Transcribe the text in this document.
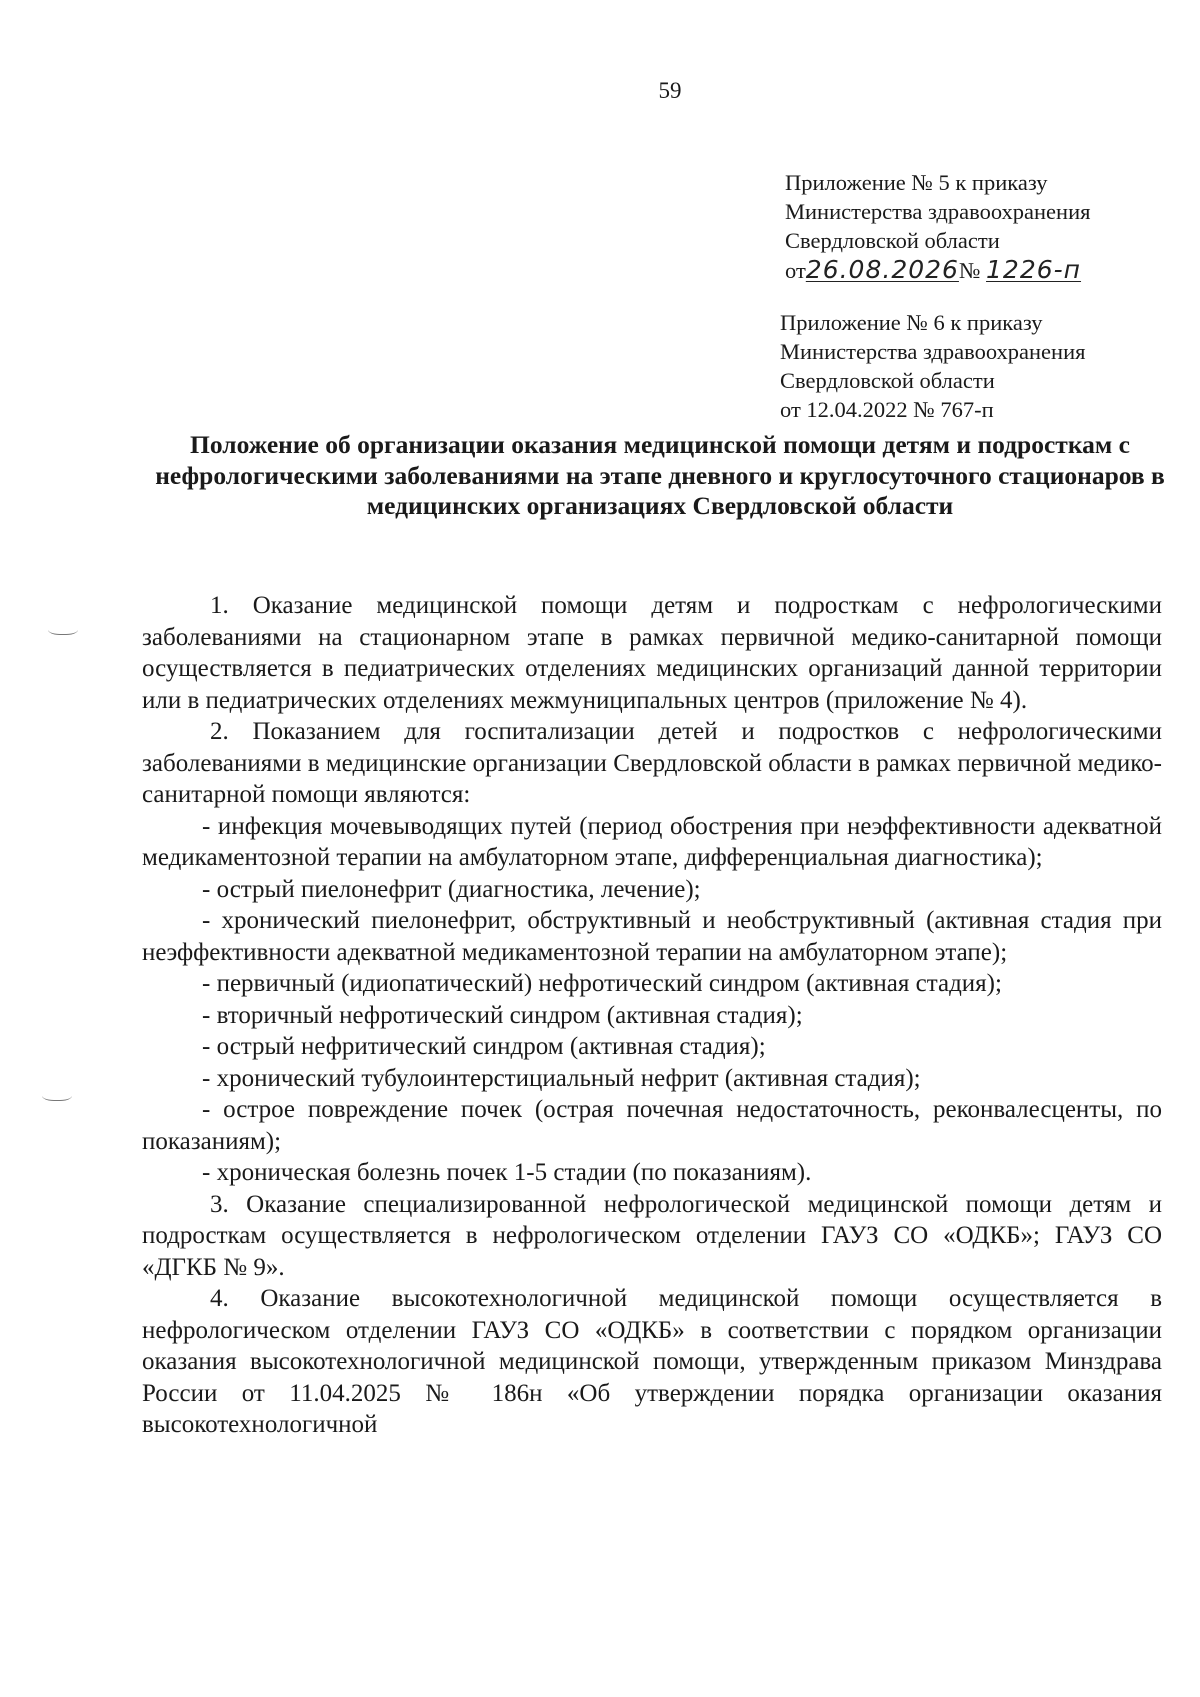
59
Приложение № 5 к приказу
Министерства здравоохранения
Свердловской области
от26.08.2026№ 1226-п
Приложение № 6 к приказу
Министерства здравоохранения
Свердловской области
от 12.04.2022 № 767-п
Положение об организации оказания медицинской помощи детям и подросткам с нефрологическими заболеваниями на этапе дневного и круглосуточного стационаров в медицинских организациях Свердловской области

1. Оказание медицинской помощи детям и подросткам с нефрологическими заболеваниями на стационарном этапе в рамках первичной медико-санитарной помощи осуществляется в педиатрических отделениях медицинских организаций данной территории или в педиатрических отделениях межмуниципальных центров (приложение № 4).

2. Показанием для госпитализации детей и подростков с нефрологическими заболеваниями в медицинские организации Свердловской области в рамках первичной медико-санитарной помощи являются:

- инфекция мочевыводящих путей (период обострения при неэффективности адекватной медикаментозной терапии на амбулаторном этапе, дифференциальная диагностика);

- острый пиелонефрит (диагностика, лечение);

- хронический пиелонефрит, обструктивный и необструктивный (активная стадия при неэффективности адекватной медикаментозной терапии на амбулаторном этапе);

- первичный (идиопатический) нефротический синдром (активная стадия);

- вторичный нефротический синдром (активная стадия);

- острый нефритический синдром (активная стадия);

- хронический тубулоинтерстициальный нефрит (активная стадия);

- острое повреждение почек (острая почечная недостаточность, реконвалесценты, по показаниям);

- хроническая болезнь почек 1-5 стадии (по показаниям).

3. Оказание специализированной нефрологической медицинской помощи детям и подросткам осуществляется в нефрологическом отделении ГАУЗ СО «ОДКБ»; ГАУЗ СО «ДГКБ № 9».

4. Оказание высокотехнологичной медицинской помощи осуществляется в нефрологическом отделении ГАУЗ СО «ОДКБ» в соответствии с порядком организации оказания высокотехнологичной медицинской помощи, утвержденным приказом Минздрава России от 11.04.2025 № 186н «Об утверждении порядка организации оказания высокотехнологичной
